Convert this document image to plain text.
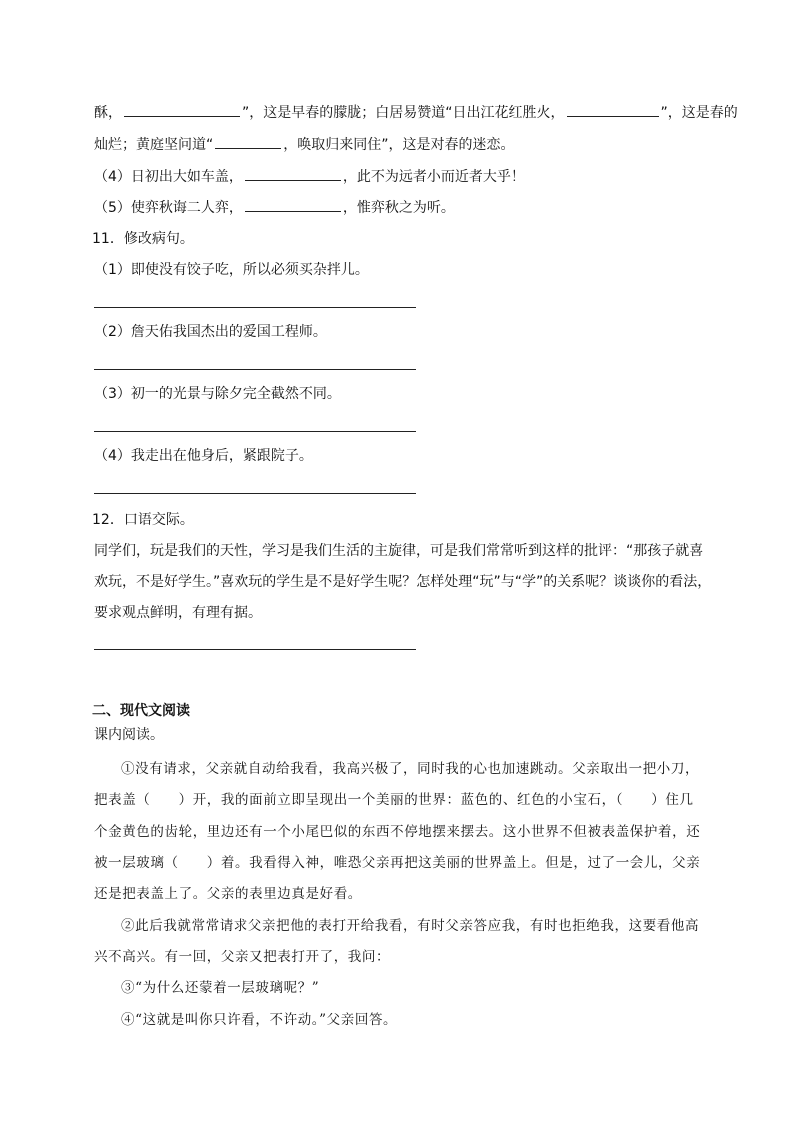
酥，	”，这是早春的朦胧；白居易赞道“日出江花红胜火，	”，这是春的
灿烂；黄庭坚问道“	，唤取归来同住”，这是对春的迷恋。
（4）日初出大如车盖，	，此不为远者小而近者大乎！
（5）使弈秋诲二人弈，	，惟弈秋之为听。
11．修改病句。
（1）即使没有饺子吃，所以必须买杂拌儿。
（2）詹天佑我国杰出的爱国工程师。
（3）初一的光景与除夕完全截然不同。
（4）我走出在他身后，紧跟院子。
12．口语交际。
同学们，玩是我们的天性，学习是我们生活的主旋律，可是我们常常听到这样的批评：“那孩子就喜
欢玩，不是好学生。”喜欢玩的学生是不是好学生呢？怎样处理“玩”与“学”的关系呢？谈谈你的看法，
要求观点鲜明，有理有据。
二、现代文阅读
课内阅读。
①没有请求，父亲就自动给我看，我高兴极了，同时我的心也加速跳动。父亲取出一把小刀，
把表盖（　　）开，我的面前立即呈现出一个美丽的世界：蓝色的、红色的小宝石，（　　）住几
个金黄色的齿轮，里边还有一个小尾巴似的东西不停地摆来摆去。这小世界不但被表盖保护着，还
被一层玻璃（　　）着。我看得入神，唯恐父亲再把这美丽的世界盖上。但是，过了一会儿，父亲
还是把表盖上了。父亲的表里边真是好看。
②此后我就常常请求父亲把他的表打开给我看，有时父亲答应我，有时也拒绝我，这要看他高
兴不高兴。有一回，父亲又把表打开了，我问：
③“为什么还蒙着一层玻璃呢？”
④“这就是叫你只许看，不许动。”父亲回答。
